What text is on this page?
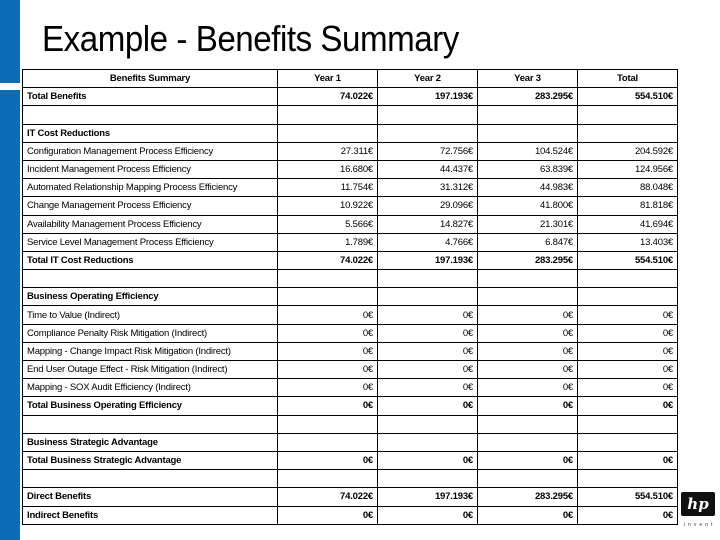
Example - Benefits Summary
Benefits Summary	Year 1	Year 2	Year 3	Total
Total Benefits	74.022€	197.193€	283.295€	554.510€

IT Cost Reductions				
Configuration Management Process Efficiency	27.311€	72.756€	104.524€	204.592€
Incident Management Process Efficiency	16.680€	44.437€	63.839€	124.956€
Automated Relationship Mapping Process Efficiency	11.754€	31.312€	44.983€	88.048€
Change Management Process Efficiency	10.922€	29.096€	41.800€	81.818€
Availability Management Process Efficiency	5.566€	14.827€	21.301€	41.694€
Service Level Management Process Efficiency	1.789€	4.766€	6.847€	13.403€
Total IT Cost Reductions	74.022€	197.193€	283.295€	554.510€

Business Operating Efficiency				
Time to Value (Indirect)	0€	0€	0€	0€
Compliance Penalty Risk Mitigation (Indirect)	0€	0€	0€	0€
Mapping - Change Impact Risk Mitigation (Indirect)	0€	0€	0€	0€
End User Outage Effect - Risk Mitigation (Indirect)	0€	0€	0€	0€
Mapping - SOX Audit Efficiency (Indirect)	0€	0€	0€	0€
Total Business Operating Efficiency	0€	0€	0€	0€

Business Strategic Advantage				
Total Business Strategic Advantage	0€	0€	0€	0€

Direct Benefits	74.022€	197.193€	283.295€	554.510€
Indirect Benefits	0€	0€	0€	0€
hp
invent
